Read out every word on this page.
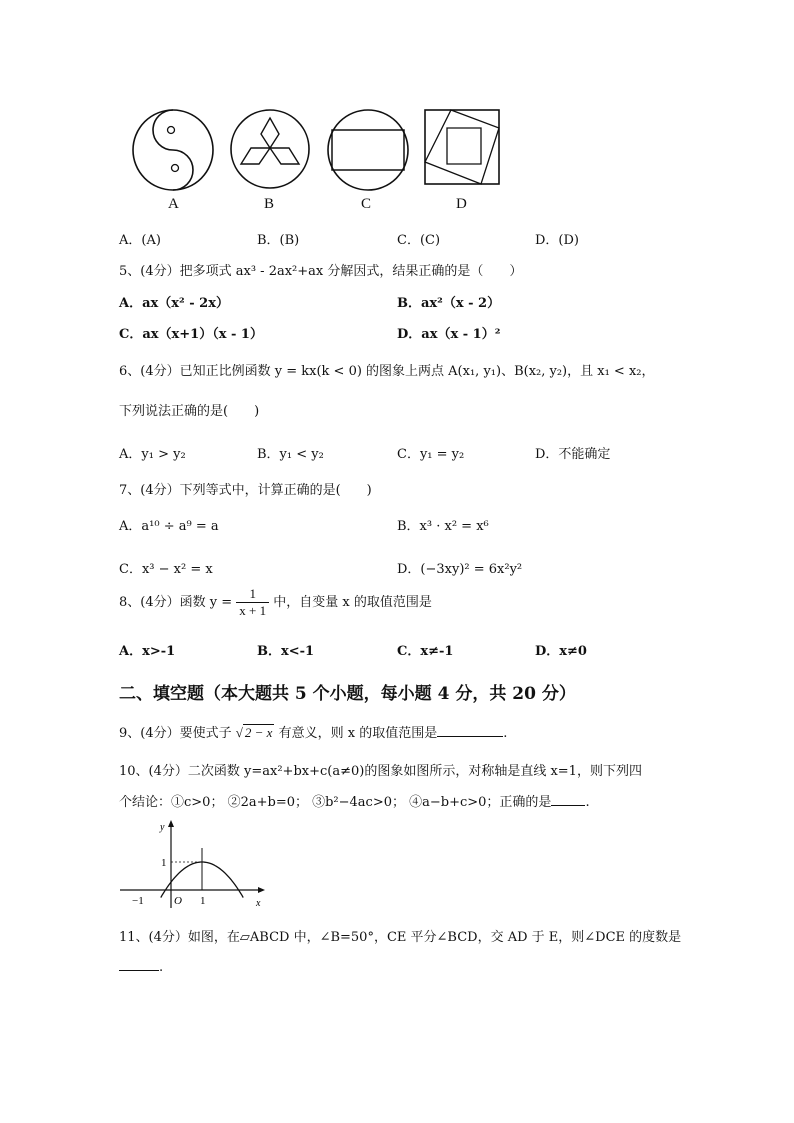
A	B	C	D
A．(A)	B．(B)	C．(C)	D．(D)
5、(4分）把多项式 ax³ - 2ax²+ax 分解因式，结果正确的是（　　）
A．ax（x² - 2x）	B．ax²（x - 2）
C．ax（x+1）（x - 1）	D．ax（x - 1）²
6、(4分）已知正比例函数 y = kx(k < 0) 的图象上两点 A(x₁, y₁)、B(x₂, y₂)，且 x₁ < x₂，
下列说法正确的是(　　)
A．y₁ > y₂	B．y₁ < y₂	C．y₁ = y₂	D．不能确定
7、(4分）下列等式中，计算正确的是(　　)
A．a¹⁰ ÷ a⁹ = a	B．x³ · x² = x⁶
C．x³ − x² = x	D．(−3xy)² = 6x²y²
8、(4分）函数 $y = \frac{1}{x + 1}$ 中，自变量 x 的取值范围是
A．x>-1	B．x<-1	C．x≠-1	D．x≠0
二、填空题（本大题共 5 个小题，每小题 4 分，共 20 分）
9、(4分）要使式子 √ 2 − x 有意义，则 x 的取值范围是	.
10、(4分）二次函数 y=ax²+bx+c(a≠0)的图象如图所示，对称轴是直线 x=1，则下列四
个结论：①c>0； ②2a+b=0； ③b²−4ac>0； ④a−b+c>0；正确的是	.
x
y
−1	O 1
1
11、(4分）如图，在▱ABCD 中，∠B=50°，CE 平分∠BCD，交 AD 于 E，则∠DCE 的度数是
.
